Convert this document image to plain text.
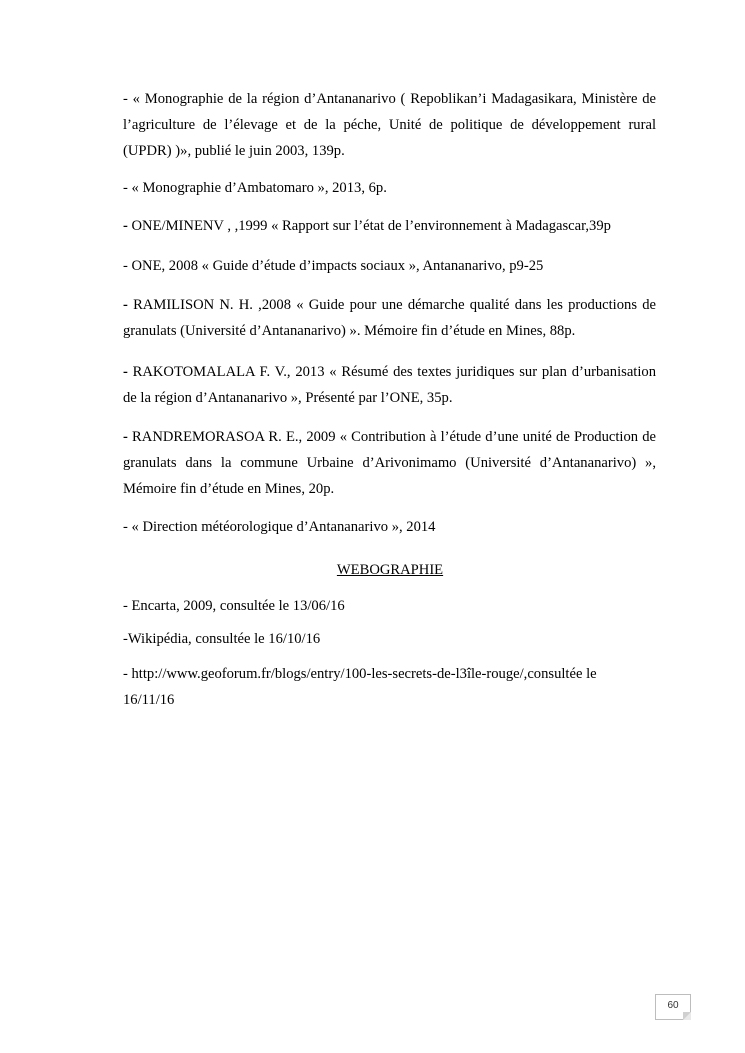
- « Monographie de la région d’Antananarivo ( Repoblikan’i Madagasikara, Ministère de l’agriculture de l’élevage et de la péche, Unité de politique de développement rural (UPDR) )», publié le juin 2003, 139p.

- « Monographie d’Ambatomaro », 2013, 6p.

- ONE/MINENV , ,1999 « Rapport sur l’état de l’environnement à Madagascar,39p

- ONE, 2008 « Guide d’étude d’impacts sociaux », Antananarivo, p9-25

- RAMILISON N. H. ,2008 « Guide pour une démarche qualité dans les productions de granulats (Université d’Antananarivo) ». Mémoire fin d’étude en Mines, 88p.

- RAKOTOMALALA F. V., 2013 « Résumé des textes juridiques sur plan d’urbanisation de la région d’Antananarivo », Présenté par l’ONE, 35p.

- RANDREMORASOA R. E., 2009 « Contribution à l’étude d’une unité de Production de granulats dans la commune Urbaine d’Arivonimamo (Université d’Antananarivo) », Mémoire fin d’étude en Mines, 20p.

- « Direction météorologique d’Antananarivo », 2014

WEBOGRAPHIE

- Encarta, 2009, consultée le 13/06/16

-Wikipédia, consultée le 16/10/16

- http://www.geoforum.fr/blogs/entry/100-les-secrets-de-l3île-rouge/,consultée le 16/11/16

60
